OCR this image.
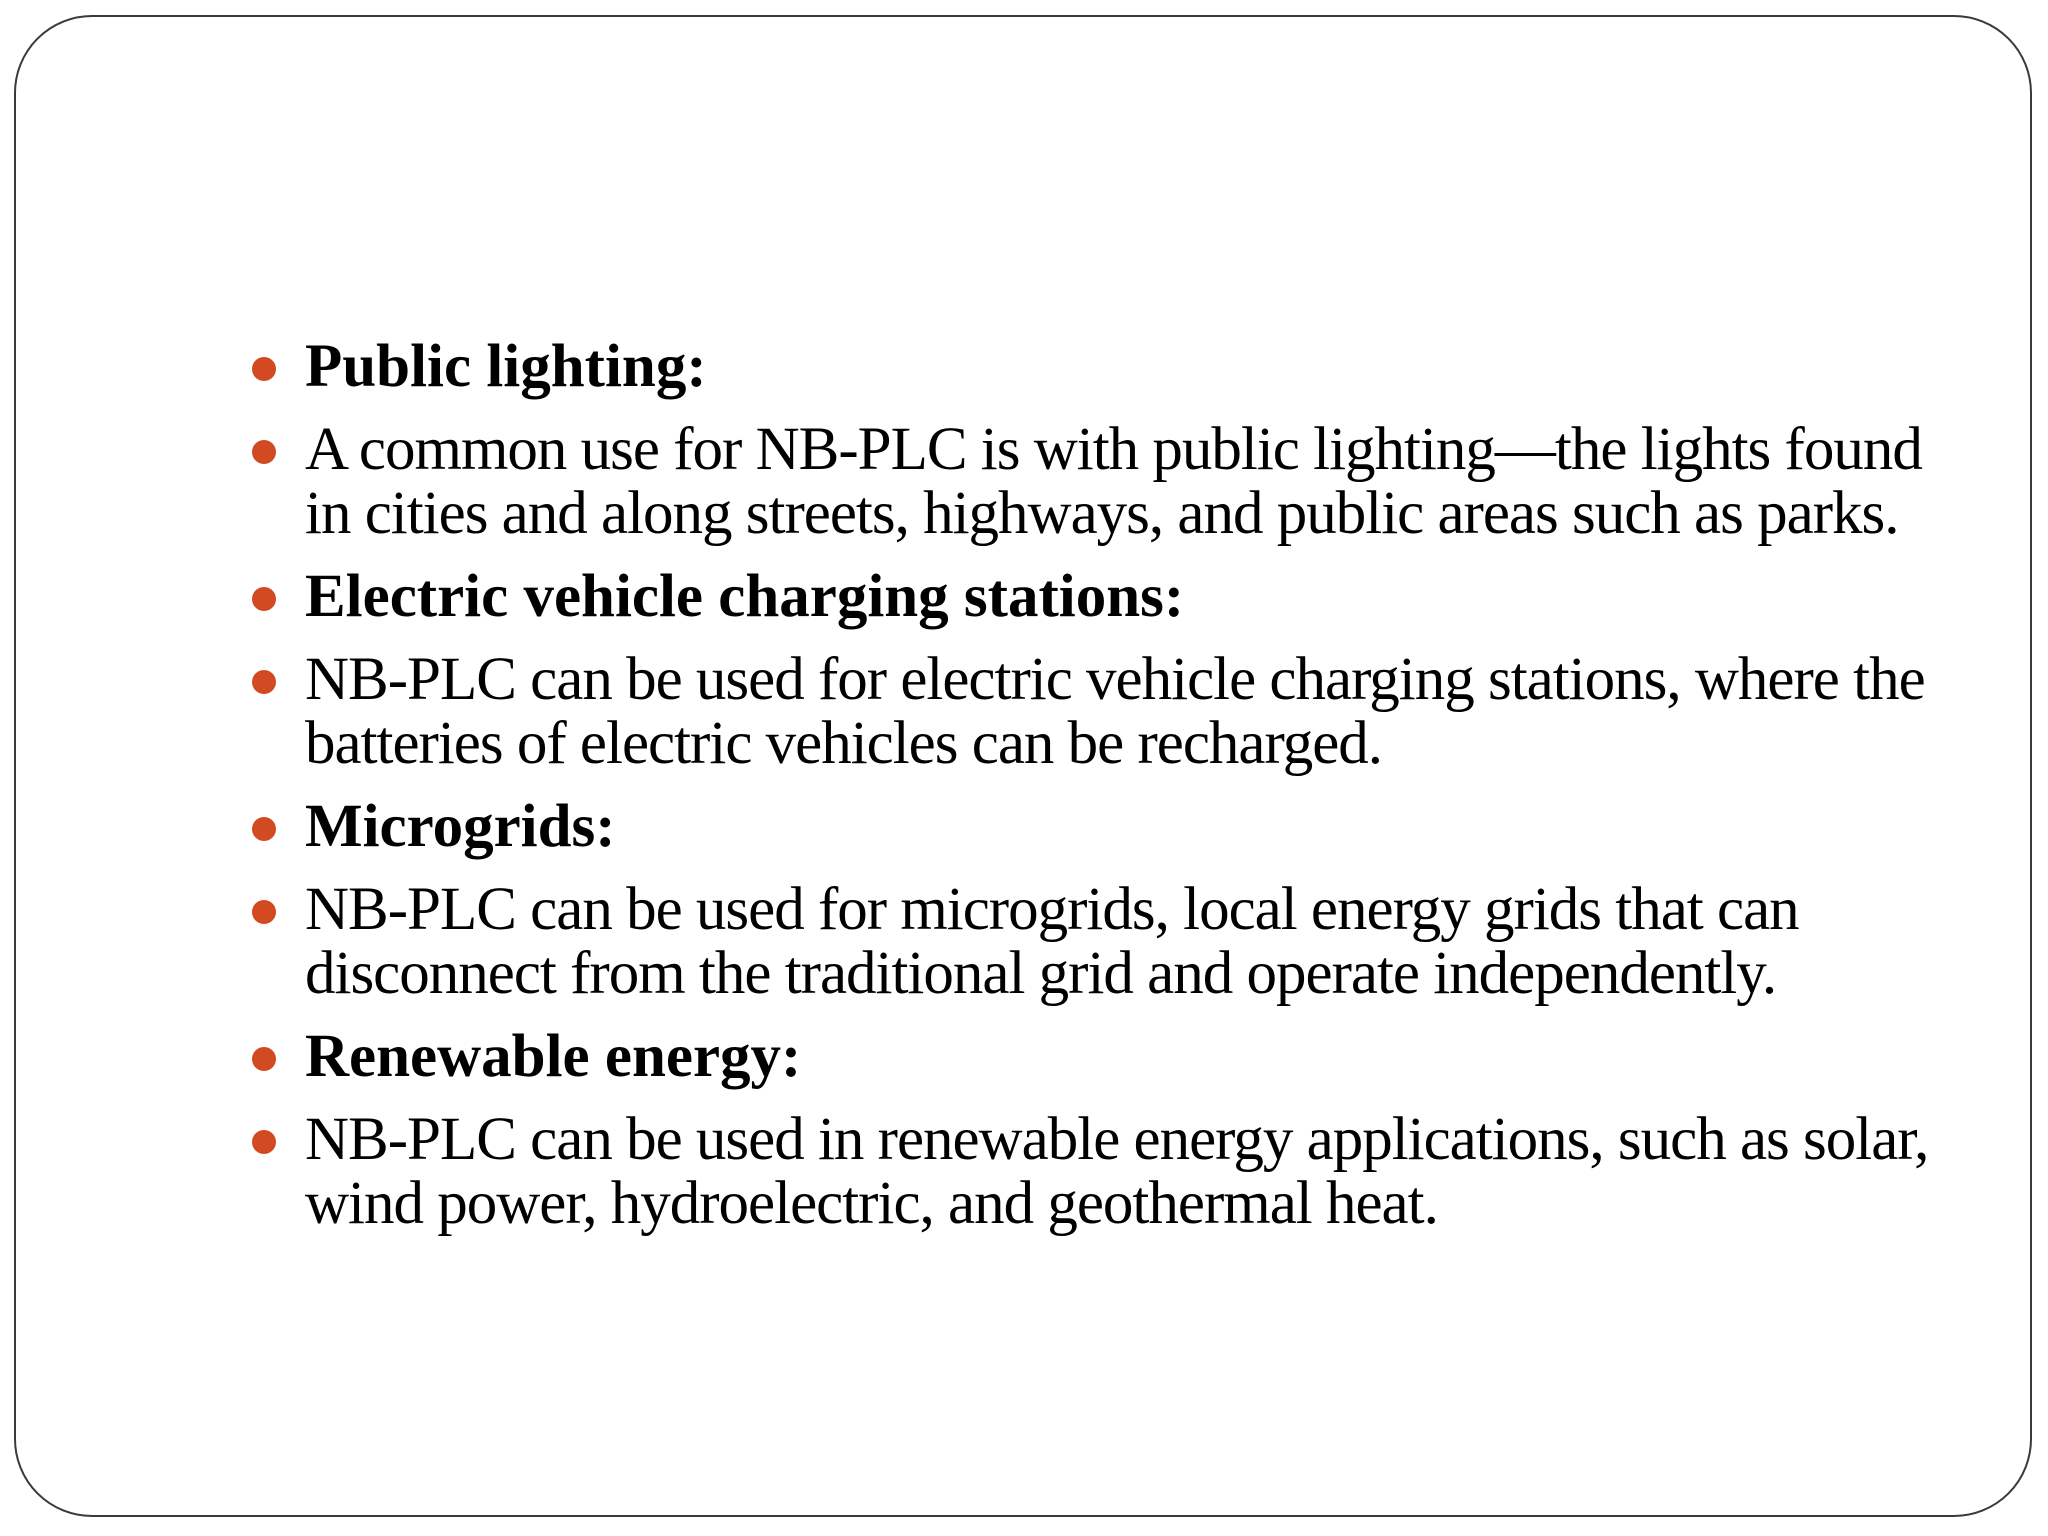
Public lighting:
A common use for NB-PLC is with public lighting—the lights found in cities and along streets, highways, and public areas such as parks.
Electric vehicle charging stations:
NB-PLC can be used for electric vehicle charging stations, where the batteries of electric vehicles can be recharged.
Microgrids:
NB-PLC can be used for microgrids, local energy grids that can disconnect from the traditional grid and operate independently.
Renewable energy:
NB-PLC can be used in renewable energy applications, such as solar, wind power, hydroelectric, and geothermal heat.
